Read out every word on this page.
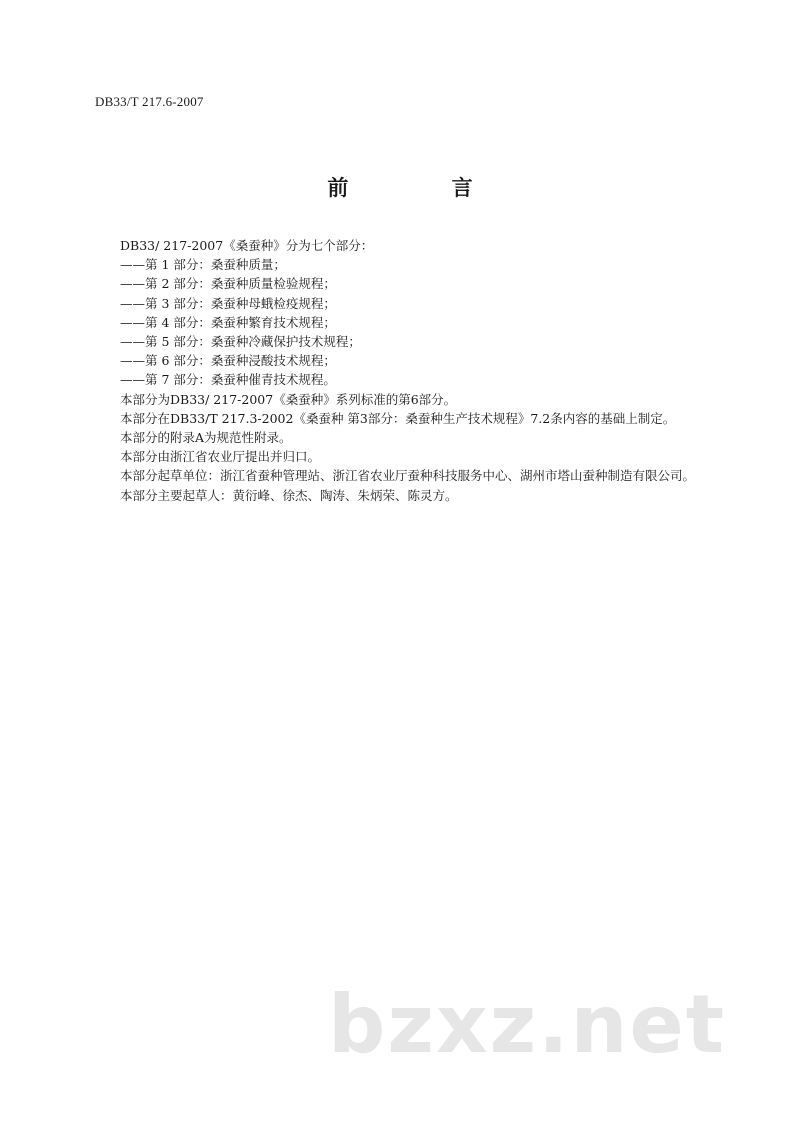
DB33/T 217.6-2007
前 言
DB33/ 217-2007《桑蚕种》分为七个部分：
——第 1 部分：桑蚕种质量；
——第 2 部分：桑蚕种质量检验规程；
——第 3 部分：桑蚕种母蛾检疫规程；
——第 4 部分：桑蚕种繁育技术规程；
——第 5 部分：桑蚕种冷藏保护技术规程；
——第 6 部分：桑蚕种浸酸技术规程；
——第 7 部分：桑蚕种催青技术规程。
本部分为DB33/ 217-2007《桑蚕种》系列标准的第6部分。
本部分在DB33/T 217.3-2002《桑蚕种 第3部分：桑蚕种生产技术规程》7.2条内容的基础上制定。
本部分的附录A为规范性附录。
本部分由浙江省农业厅提出并归口。
本部分起草单位：浙江省蚕种管理站、浙江省农业厅蚕种科技服务中心、湖州市塔山蚕种制造有限公司。
本部分主要起草人：黄衍峰、徐杰、陶涛、朱炳荣、陈灵方。
bzxz.net
